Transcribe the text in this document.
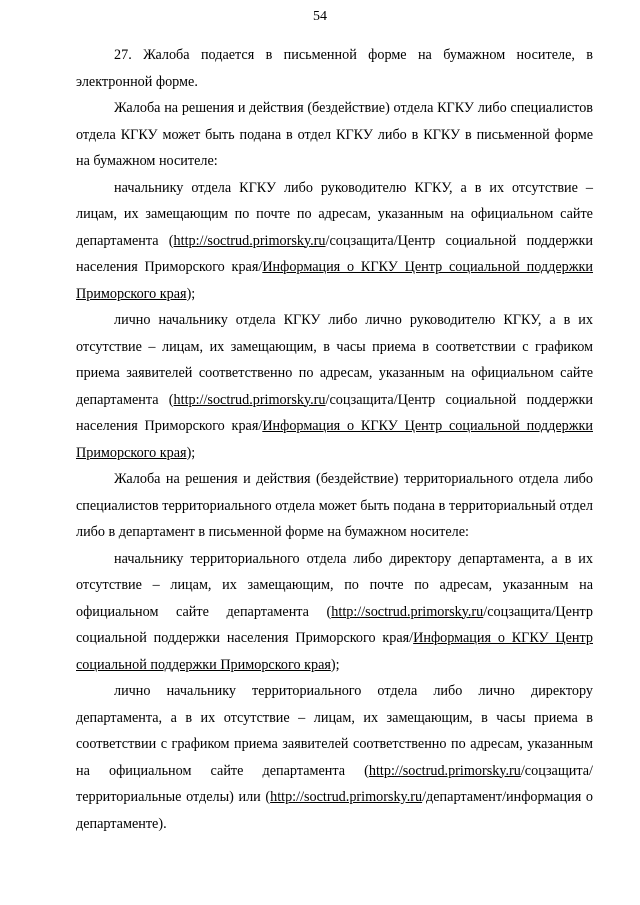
54

27. Жалоба подается в письменной форме на бумажном носителе, в электронной форме.

Жалоба на решения и действия (бездействие) отдела КГКУ либо специалистов отдела КГКУ может быть подана в отдел КГКУ либо в КГКУ в письменной форме на бумажном носителе:

начальнику отдела КГКУ либо руководителю КГКУ, а в их отсутствие – лицам, их замещающим по почте по адресам, указанным на официальном сайте департамента (http://soctrud.primorsky.ru/соцзащита/Центр социальной поддержки населения Приморского края/Информация о КГКУ Центр социальной поддержки Приморского края);

лично начальнику отдела КГКУ либо лично руководителю КГКУ, а в их отсутствие – лицам, их замещающим, в часы приема в соответствии с графиком приема заявителей соответственно по адресам, указанным на официальном сайте департамента (http://soctrud.primorsky.ru/соцзащита/Центр социальной поддержки населения Приморского края/Информация о КГКУ Центр социальной поддержки Приморского края);

Жалоба на решения и действия (бездействие) территориального отдела либо специалистов территориального отдела может быть подана в территориальный отдел либо в департамент в письменной форме на бумажном носителе:

начальнику территориального отдела либо директору департамента, а в их отсутствие – лицам, их замещающим, по почте по адресам, указанным на официальном сайте департамента (http://soctrud.primorsky.ru/соцзащита/Центр социальной поддержки населения Приморского края/Информация о КГКУ Центр социальной поддержки Приморского края);

лично начальнику территориального отдела либо лично директору департамента, а в их отсутствие – лицам, их замещающим, в часы приема в соответствии с графиком приема заявителей соответственно по адресам, указанным на официальном сайте департамента (http://soctrud.primorsky.ru/соцзащита/территориальные отделы) или (http://soctrud.primorsky.ru/департамент/информация о департаменте).
